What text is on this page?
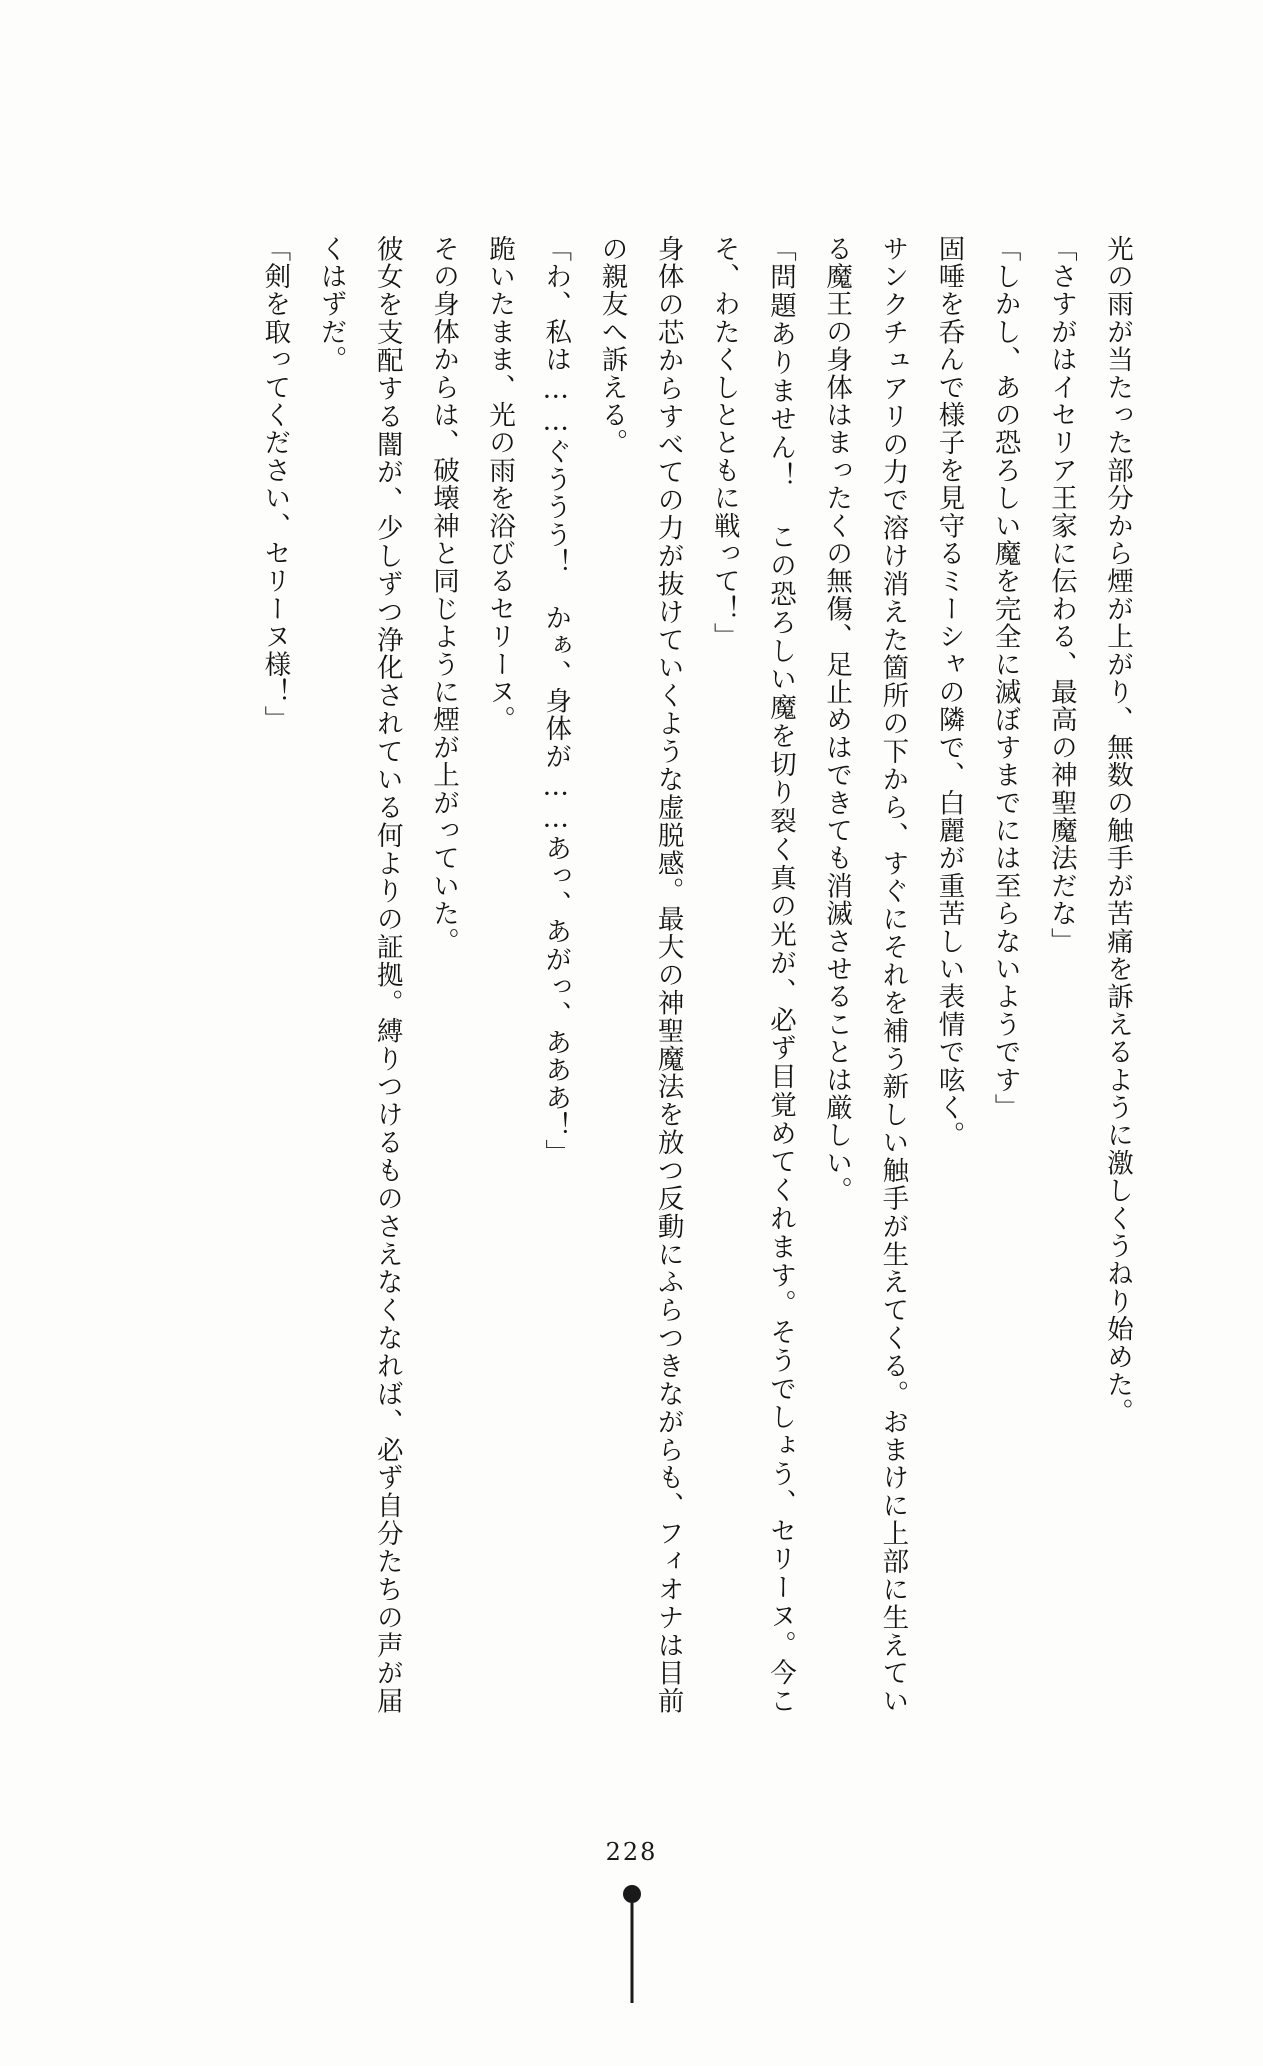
光の雨が当たった部分から煙が上がり、無数の触手が苦痛を訴えるように激しくうねり始めた。

「さすがはイセリア王家に伝わる、最高の神聖魔法だな」

「しかし、あの恐ろしい魔を完全に滅ぼすまでには至らないようです」

固唾を呑んで様子を見守るミーシャの隣で、白麗が重苦しい表情で呟く。

サンクチュアリの力で溶け消えた箇所の下から、すぐにそれを補う新しい触手が生えてくる。おまけに上部に生えている魔王の身体はまったくの無傷、足止めはできても消滅させることは厳しい。

「問題ありません！ この恐ろしい魔を切り裂く真の光が、必ず目覚めてくれます。そうでしょう、セリーヌ。今こそ、わたくしとともに戦って！」

身体の芯からすべての力が抜けていくような虚脱感。最大の神聖魔法を放つ反動にふらつきながらも、フィオナは目前の親友へ訴える。

「わ、私は……ぐううう！　かぁ、身体が……あっ、あがっ、あああ！」

跪いたまま、光の雨を浴びるセリーヌ。

その身体からは、破壊神と同じように煙が上がっていた。

彼女を支配する闇が、少しずつ浄化されている何よりの証拠。縛りつけるものさえなくなれば、必ず自分たちの声が届くはずだ。

「剣を取ってください、セリーヌ様！」

228
